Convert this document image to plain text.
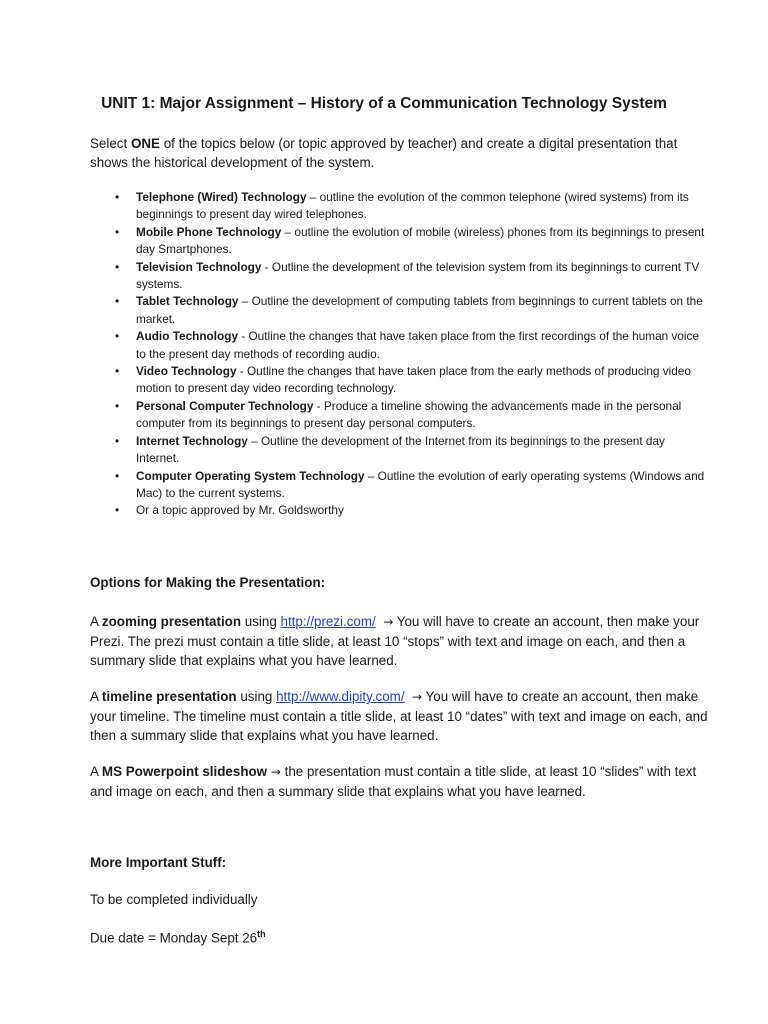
UNIT 1: Major Assignment – History of a Communication Technology System

Select ONE of the topics below (or topic approved by teacher) and create a digital presentation that shows the historical development of the system.

• Telephone (Wired) Technology – outline the evolution of the common telephone (wired systems) from its beginnings to present day wired telephones.
• Mobile Phone Technology – outline the evolution of mobile (wireless) phones from its beginnings to present day Smartphones.
• Television Technology - Outline the development of the television system from its beginnings to current TV systems.
• Tablet Technology – Outline the development of computing tablets from beginnings to current tablets on the market.
• Audio Technology - Outline the changes that have taken place from the first recordings of the human voice to the present day methods of recording audio.
• Video Technology - Outline the changes that have taken place from the early methods of producing video motion to present day video recording technology.
• Personal Computer Technology - Produce a timeline showing the advancements made in the personal computer from its beginnings to present day personal computers.
• Internet Technology – Outline the development of the Internet from its beginnings to the present day Internet.
• Computer Operating System Technology – Outline the evolution of early operating systems (Windows and Mac) to the current systems.
• Or a topic approved by Mr. Goldsworthy
Options for Making the Presentation:

A zooming presentation using http://prezi.com/ → You will have to create an account, then make your Prezi. The prezi must contain a title slide, at least 10 “stops” with text and image on each, and then a summary slide that explains what you have learned.

A timeline presentation using http://www.dipity.com/ → You will have to create an account, then make your timeline. The timeline must contain a title slide, at least 10 “dates” with text and image on each, and then a summary slide that explains what you have learned.

A MS Powerpoint slideshow → the presentation must contain a title slide, at least 10 “slides” with text and image on each, and then a summary slide that explains what you have learned.

More Important Stuff:
To be completed individually
Due date = Monday Sept 26th
